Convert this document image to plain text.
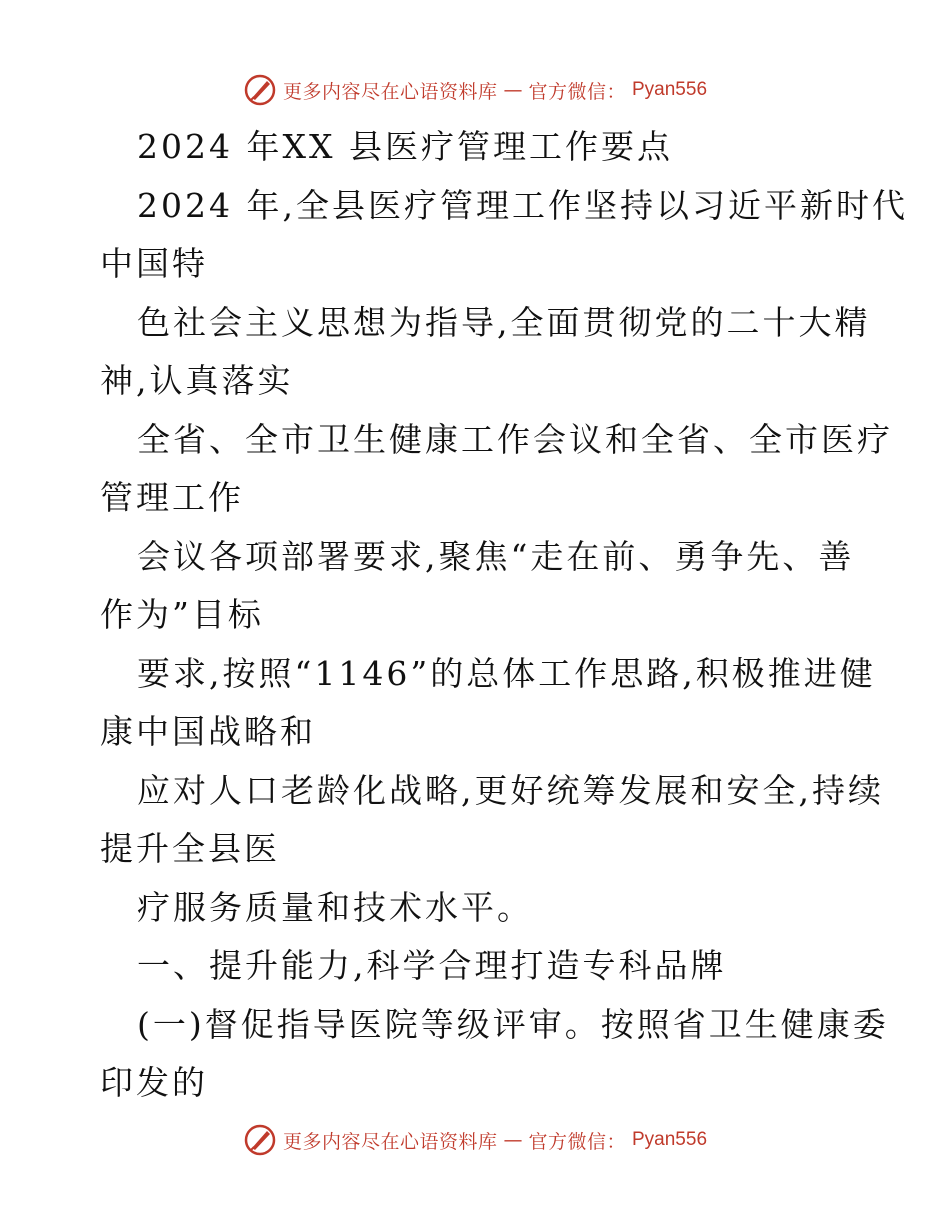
更多内容尽在心语资料库 — 官方微信： Pyan556
2024 年XX 县医疗管理工作要点
2024 年,全县医疗管理工作坚持以习近平新时代
中国特
色社会主义思想为指导,全面贯彻党的二十大精
神,认真落实
全省、全市卫生健康工作会议和全省、全市医疗
管理工作
会议各项部署要求,聚焦“走在前、勇争先、善
作为”目标
要求,按照“1146”的总体工作思路,积极推进健
康中国战略和
应对人口老龄化战略,更好统筹发展和安全,持续
提升全县医
疗服务质量和技术水平。
一、提升能力,科学合理打造专科品牌
(一)督促指导医院等级评审。按照省卫生健康委
印发的
更多内容尽在心语资料库 — 官方微信： Pyan556
